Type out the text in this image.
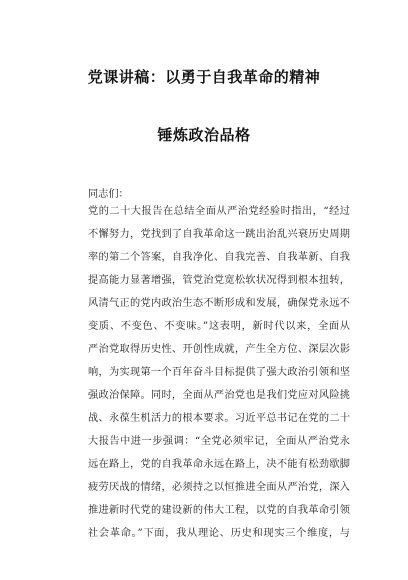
党课讲稿：以勇于自我革命的精神
锤炼政治品格
同志们：
党的二十大报告在总结全面从严治党经验时指出，“经过
不懈努力，党找到了自我革命这一跳出治乱兴衰历史周期
率的第二个答案，自我净化、自我完善、自我革新、自我
提高能力显著增强，管党治党宽松软状况得到根本扭转，
风清气正的党内政治生态不断形成和发展，确保党永远不
变质、不变色、不变味。”这表明，新时代以来，全面从
严治党取得历史性、开创性成就，产生全方位、深层次影
响，为实现第一个百年奋斗目标提供了强大政治引领和坚
强政治保障。同时，全面从严治党也是我们党应对风险挑
战、永葆生机活力的根本要求。习近平总书记在党的二十
大报告中进一步强调：“全党必须牢记，全面从严治党永
远在路上，党的自我革命永远在路上，决不能有松劲歇脚
疲劳厌战的情绪，必须持之以恒推进全面从严治党，深入
推进新时代党的建设新的伟大工程，以党的自我革命引领
社会革命。”下面，我从理论、历史和现实三个维度，与
